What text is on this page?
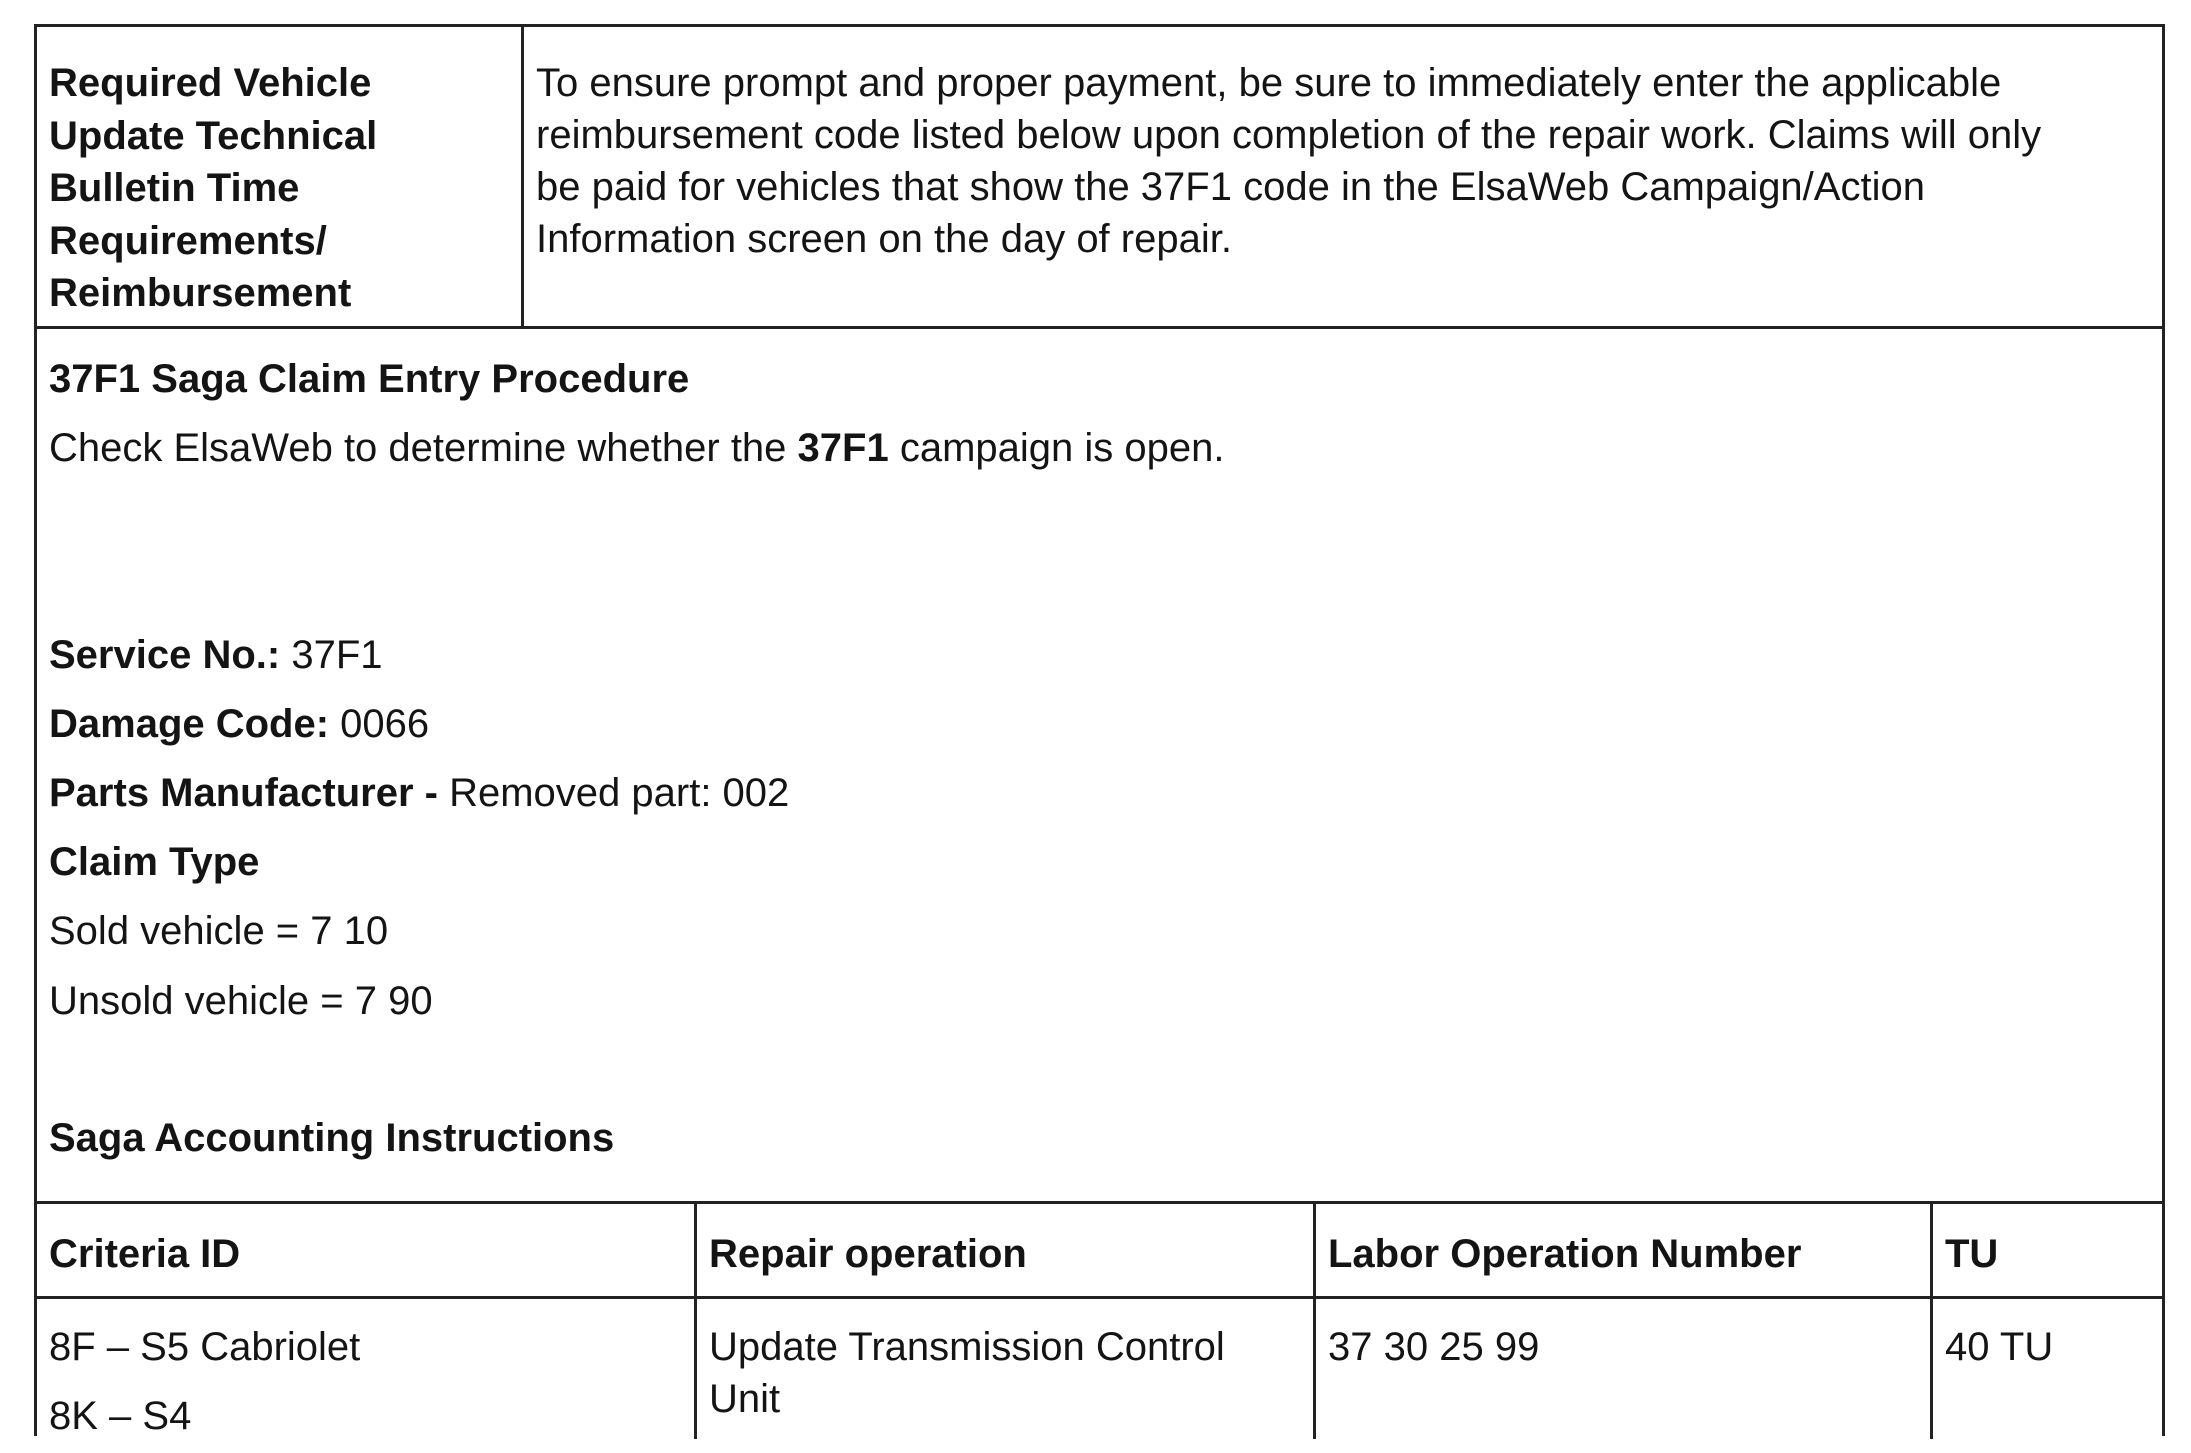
Required Vehicle
Update Technical
Bulletin Time
Requirements/
Reimbursement
To ensure prompt and proper payment, be sure to immediately enter the applicable
reimbursement code listed below upon completion of the repair work. Claims will only
be paid for vehicles that show the 37F1 code in the ElsaWeb Campaign/Action
Information screen on the day of repair.
37F1 Saga Claim Entry Procedure
Check ElsaWeb to determine whether the 37F1 campaign is open.
Service No.: 37F1
Damage Code: 0066
Parts Manufacturer - Removed part: 002
Claim Type
Sold vehicle = 7 10
Unsold vehicle = 7 90
Saga Accounting Instructions
Criteria ID
8F – S5 Cabriolet
8K – S4
Repair operation
Update Transmission Control
Unit
Labor Operation Number
37 30 25 99
TU
40 TU
